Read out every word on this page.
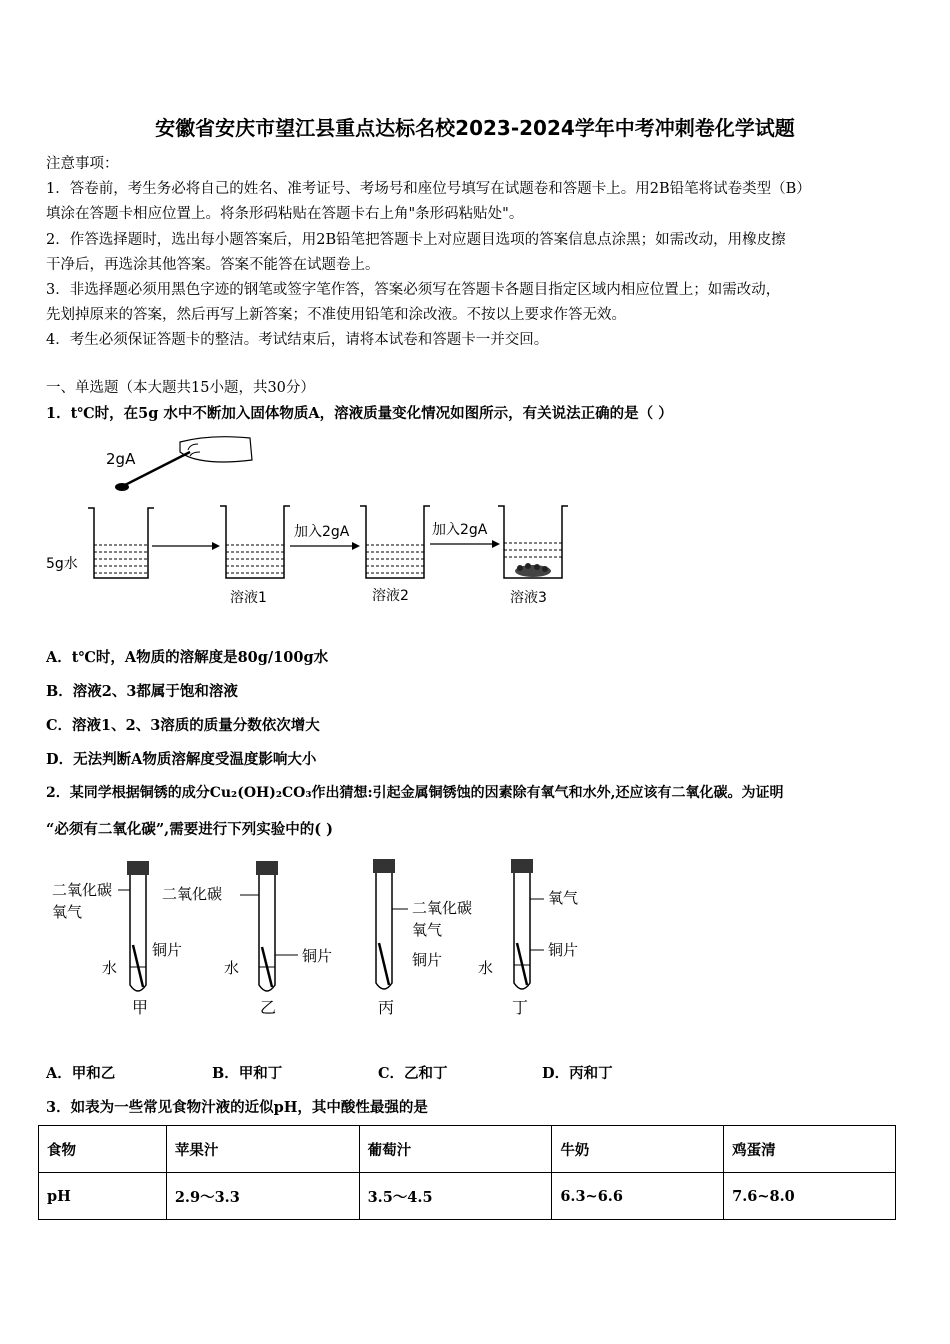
安徽省安庆市望江县重点达标名校2023-2024学年中考冲刺卷化学试题
注意事项：
1．答卷前，考生务必将自己的姓名、准考证号、考场号和座位号填写在试题卷和答题卡上。用2B铅笔将试卷类型（B）
填涂在答题卡相应位置上。将条形码粘贴在答题卡右上角"条形码粘贴处"。
2．作答选择题时，选出每小题答案后，用2B铅笔把答题卡上对应题目选项的答案信息点涂黑；如需改动，用橡皮擦
干净后，再选涂其他答案。答案不能答在试题卷上。
3．非选择题必须用黑色字迹的钢笔或签字笔作答，答案必须写在答题卡各题目指定区域内相应位置上；如需改动，
先划掉原来的答案，然后再写上新答案；不准使用铅笔和涂改液。不按以上要求作答无效。
4．考生必须保证答题卡的整洁。考试结束后，请将本试卷和答题卡一并交回。
一、单选题（本大题共15小题，共30分）
1．t℃时，在5g 水中不断加入固体物质A，溶液质量变化情况如图所示，有关说法正确的是（ ）
2gA
5g水
溶液1
加入2gA
溶液2
加入2gA
溶液3
A．t℃时，A物质的溶解度是80g/100g水
B．溶液2、3都属于饱和溶液
C．溶液1、2、3溶质的质量分数依次增大
D．无法判断A物质溶解度受温度影响大小
2．某同学根据铜锈的成分Cu₂(OH)₂CO₃作出猜想:引起金属铜锈蚀的因素除有氧气和水外,还应该有二氧化碳。为证明
“必须有二氧化碳”,需要进行下列实验中的( )
二氧化碳
氧气
铜片
水
甲
二氧化碳
铜片
水
乙
二氧化碳
氧气
铜片
丙
氧气
铜片
水
丁
A．甲和乙	B．甲和丁	C．乙和丁	D．丙和丁
3．如表为一些常见食物汁液的近似pH，其中酸性最强的是
食物	苹果汁	葡萄汁	牛奶	鸡蛋清
pH	2.9～3.3	3.5～4.5	6.3~6.6	7.6~8.0
